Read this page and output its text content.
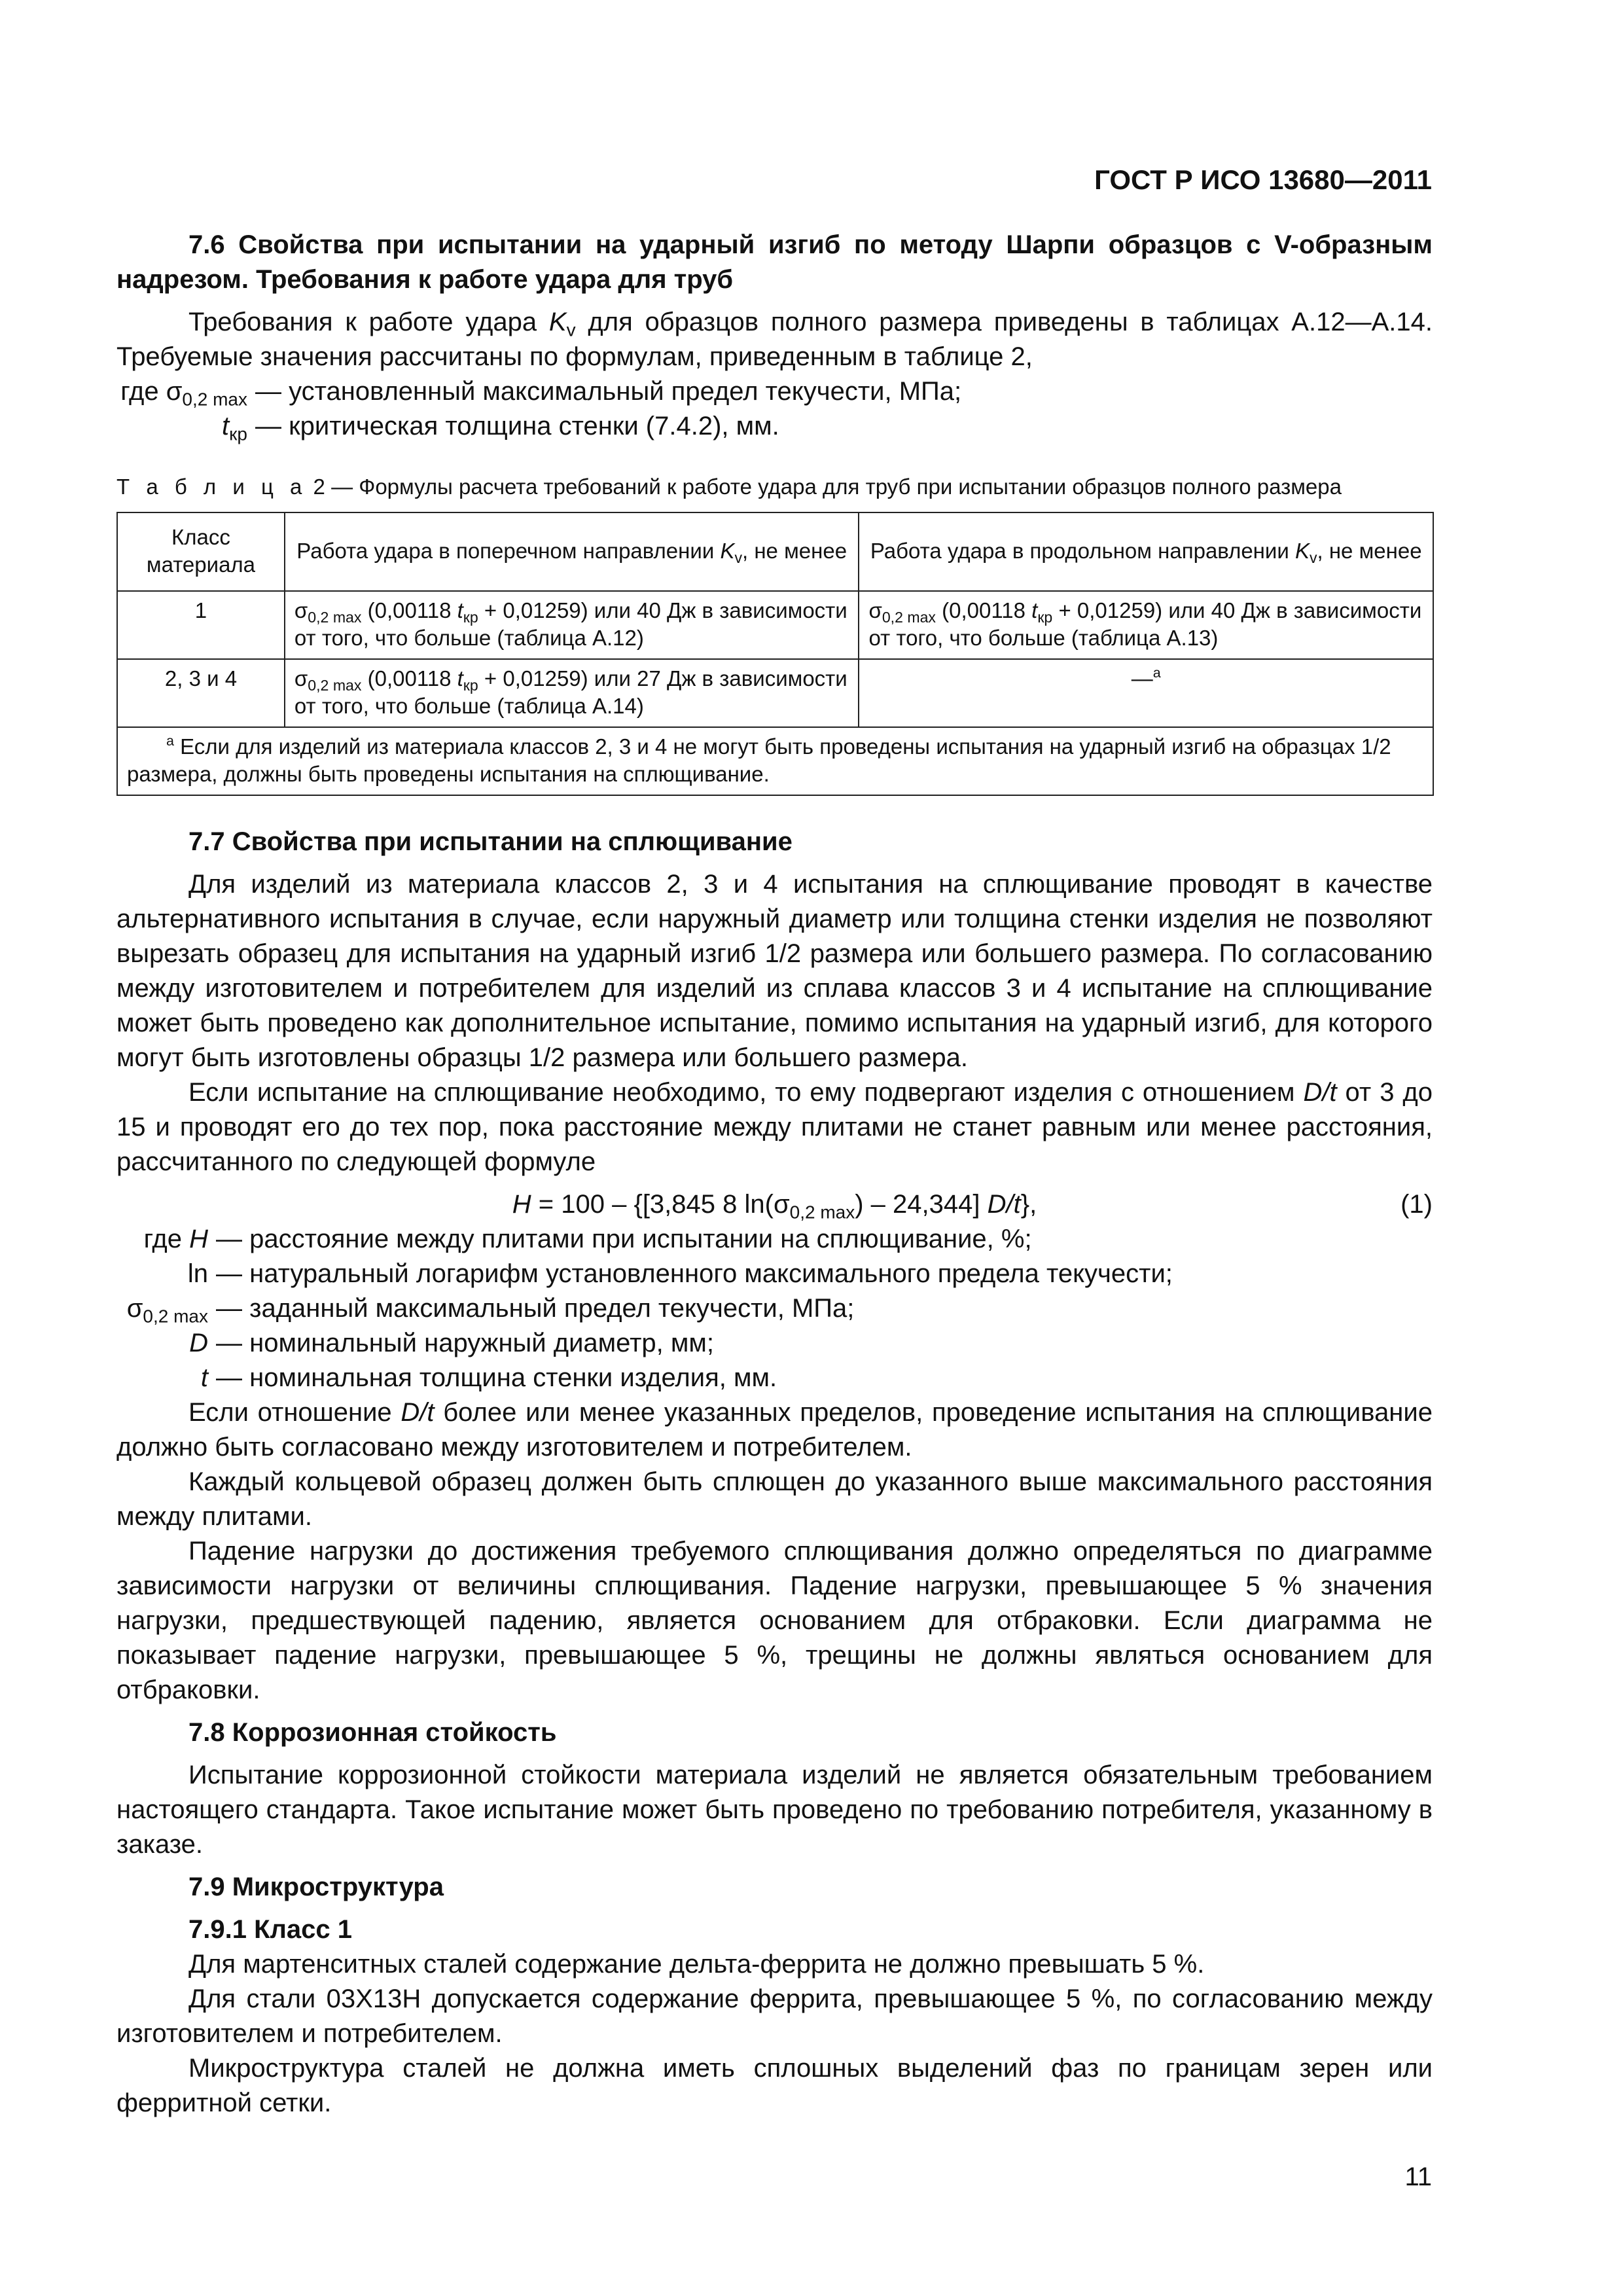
ГОСТ Р ИСО 13680—2011

7.6 Свойства при испытании на ударный изгиб по методу Шарпи образцов с V-образным надрезом. Требования к работе удара для труб

Требования к работе удара $K_v$ для образцов полного размера приведены в таблицах А.12—А.14. Требуемые значения рассчитаны по формулам, приведенным в таблице 2,

где $\sigma_{0,2 max}$ — установленный максимальный предел текучести, МПа;
$t_{кр}$ — критическая толщина стенки (7.4.2), мм.

Т а б л и ц а 2 — Формулы расчета требований к работе удара для труб при испытании образцов полного размера

Класс материала	Работа удара в поперечном направлении $K_v$, не менее	Работа удара в продольном направлении $K_v$, не менее
1	$\sigma_{0,2 max}$ (0,00118 $t_{кр} + 0,01259$) или 40 Дж в зависимости от того, что больше (таблица А.12)	$\sigma_{0,2 max}$ (0,00118 $t_{кр} + 0,01259$) или 40 Дж в зависимости от того, что больше (таблица А.13)
2, 3 и 4	$\sigma_{0,2 max}$ (0,00118 $t_{кр} + 0,01259$) или 27 Дж в зависимости от того, что больше (таблица А.14)	—$^а$
$^а$ Если для изделий из материала классов 2, 3 и 4 не могут быть проведены испытания на ударный изгиб на образцах 1/2 размера, должны быть проведены испытания на сплющивание.		

7.7 Свойства при испытании на сплющивание

Для изделий из материала классов 2, 3 и 4 испытания на сплющивание проводят в качестве альтернативного испытания в случае, если наружный диаметр или толщина стенки изделия не позволяют вырезать образец для испытания на ударный изгиб 1/2 размера или большего размера. По согласованию между изготовителем и потребителем для изделий из сплава классов 3 и 4 испытание на сплющивание может быть проведено как дополнительное испытание, помимо испытания на ударный изгиб, для которого могут быть изготовлены образцы 1/2 размера или большего размера.

Если испытание на сплющивание необходимо, то ему подвергают изделия с отношением D/t от 3 до 15 и проводят его до тех пор, пока расстояние между плитами не станет равным или менее расстояния, рассчитанного по следующей формуле

H = 100 – {[3,845 8 $\ln(\sigma_{0,2 max}) - 24,344$] D/t},	(1)
где H — расстояние между плитами при испытании на сплющивание, %;
ln — натуральный логарифм установленного максимального предела текучести;
$\sigma_{0,2 max}$ — заданный максимальный предел текучести, МПа;
D — номинальный наружный диаметр, мм;
t — номинальная толщина стенки изделия, мм.

Если отношение D/t более или менее указанных пределов, проведение испытания на сплющивание должно быть согласовано между изготовителем и потребителем.

Каждый кольцевой образец должен быть сплющен до указанного выше максимального расстояния между плитами.

Падение нагрузки до достижения требуемого сплющивания должно определяться по диаграмме зависимости нагрузки от величины сплющивания. Падение нагрузки, превышающее 5 % значения нагрузки, предшествующей падению, является основанием для отбраковки. Если диаграмма не показывает падение нагрузки, превышающее 5 %, трещины не должны являться основанием для отбраковки.

7.8 Коррозионная стойкость

Испытание коррозионной стойкости материала изделий не является обязательным требованием настоящего стандарта. Такое испытание может быть проведено по требованию потребителя, указанному в заказе.

7.9 Микроструктура

7.9.1 Класс 1

Для мартенситных сталей содержание дельта-феррита не должно превышать 5 %.

Для стали 03Х13Н допускается содержание феррита, превышающее 5 %, по согласованию между изготовителем и потребителем.

Микроструктура сталей не должна иметь сплошных выделений фаз по границам зерен или ферритной сетки.

11
